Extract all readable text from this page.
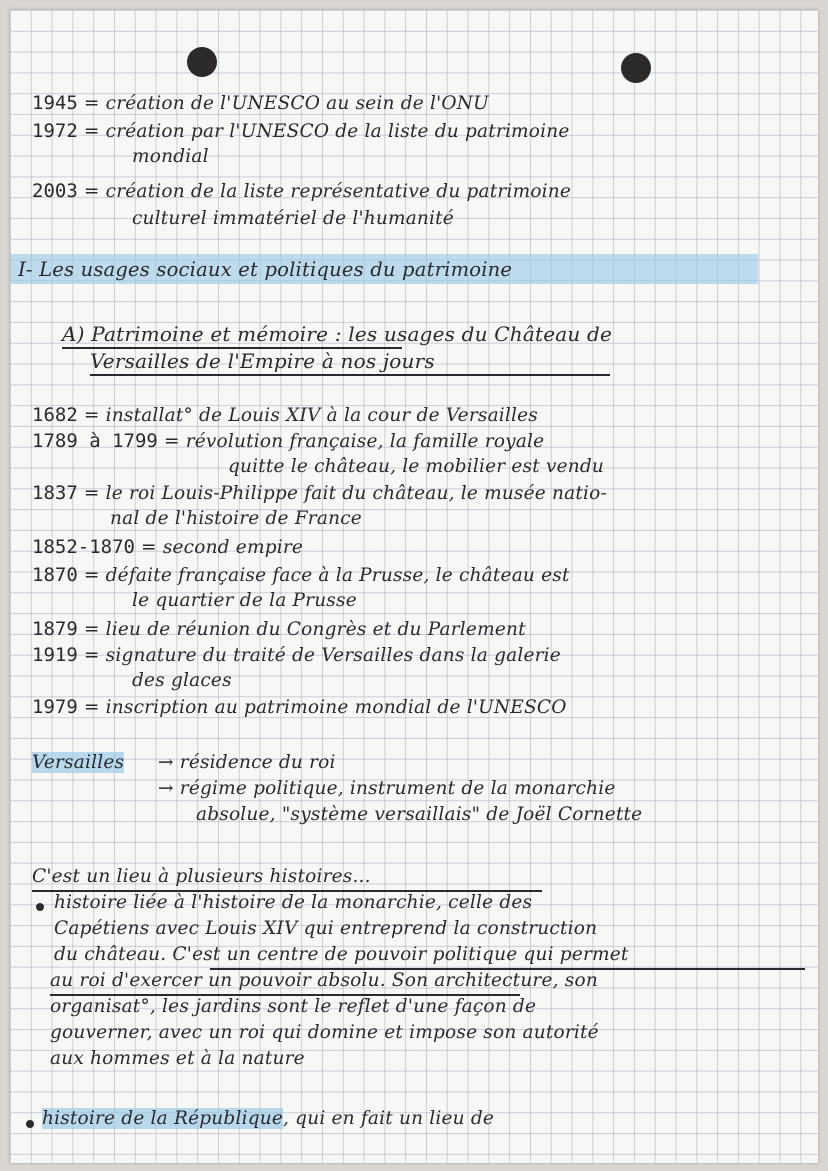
1945 = création de l'UNESCO au sein de l'ONU
1972 = création par l'UNESCO de la liste du patrimoine
mondial
2003 = création de la liste représentative du patrimoine
culturel immatériel de l'humanité
I- Les usages sociaux et politiques du patrimoine
A) Patrimoine et mémoire : les usages du Château de
Versailles de l'Empire à nos jours
1682 = installat° de Louis XIV à la cour de Versailles
1789 à 1799 = révolution française, la famille royale
quitte le château, le mobilier est vendu
1837 = le roi Louis-Philippe fait du château, le musée natio-
nal de l'histoire de France
1852-1870 = second empire
1870 = défaite française face à la Prusse, le château est
le quartier de la Prusse
1879 = lieu de réunion du Congrès et du Parlement
1919 = signature du traité de Versailles dans la galerie
des glaces
1979 = inscription au patrimoine mondial de l'UNESCO
Versailles → résidence du roi
→ régime politique, instrument de la monarchie
absolue, "système versaillais" de Joël Cornette
C'est un lieu à plusieurs histoires...
histoire liée à l'histoire de la monarchie, celle des
Capétiens avec Louis XIV qui entreprend la construction
du château. C'est un centre de pouvoir politique qui permet
au roi d'exercer un pouvoir absolu. Son architecture, son
organisat°, les jardins sont le reflet d'une façon de
gouverner, avec un roi qui domine et impose son autorité
aux hommes et à la nature
histoire de la République, qui en fait un lieu de
